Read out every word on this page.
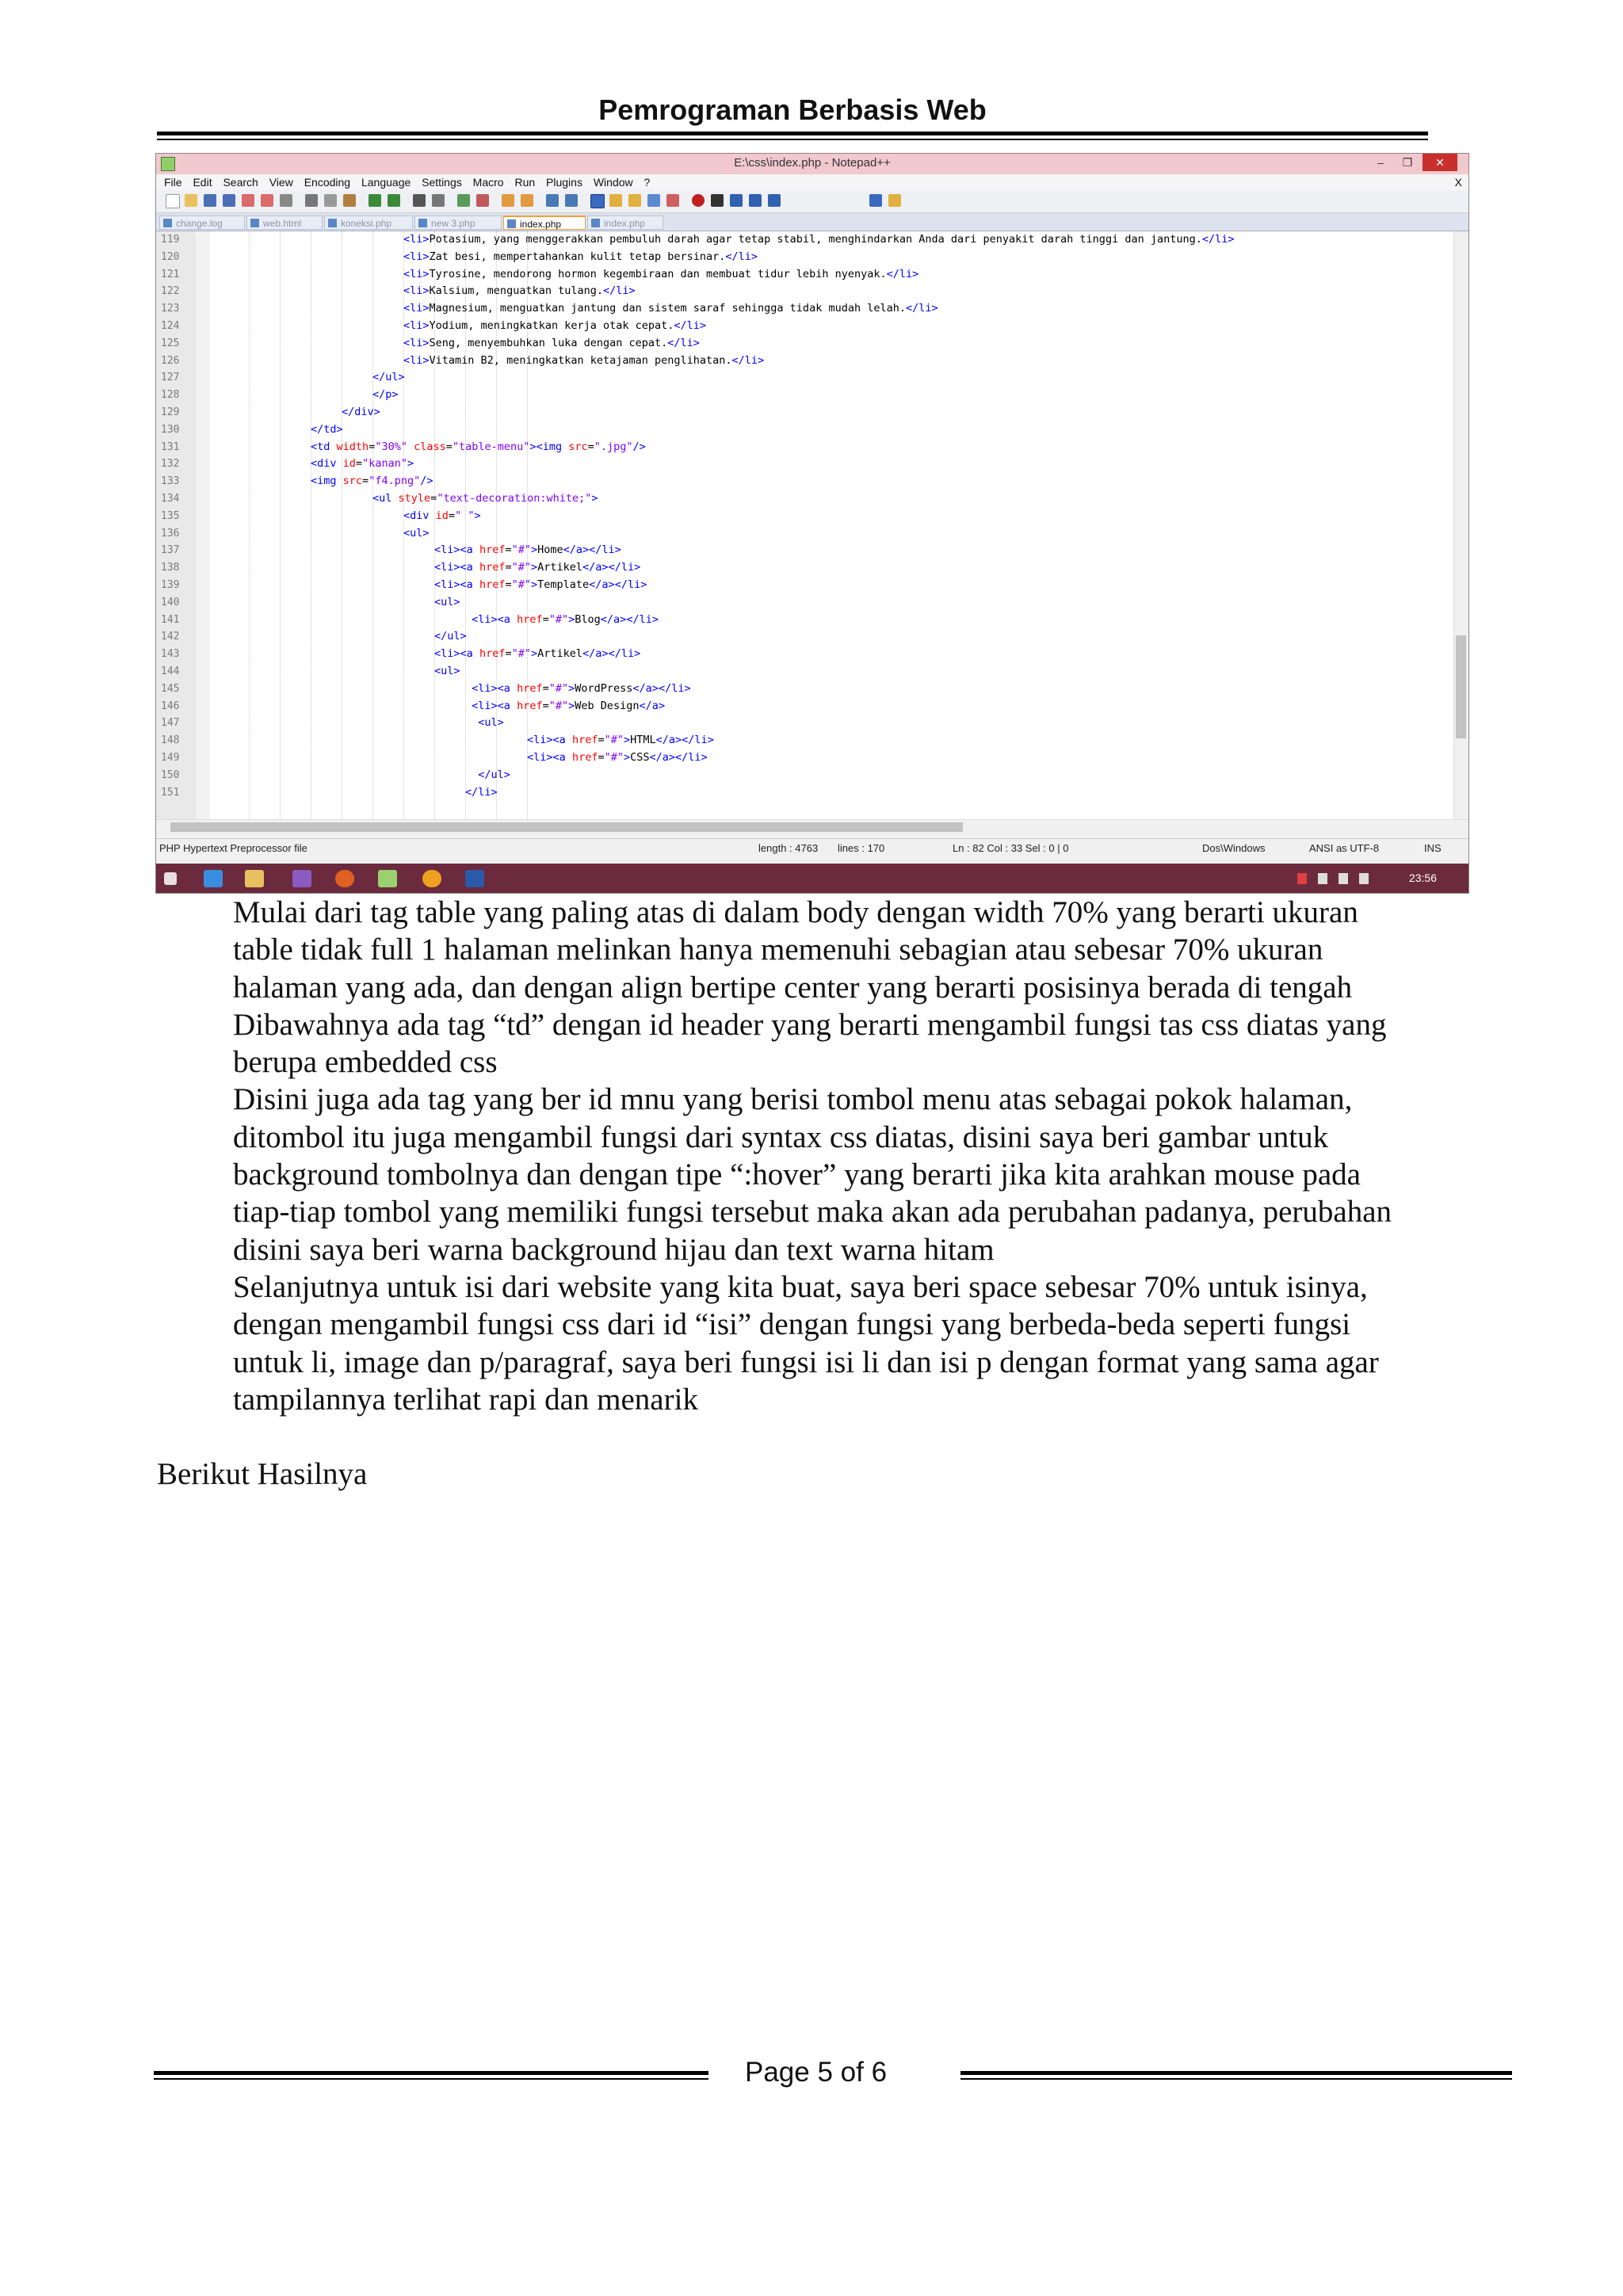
Pemrograman Berbasis Web
E:\css\index.php - Notepad++	–	❐	✕
File Edit Search View Encoding Language Settings Macro Run Plugins Window ?	X
change.log	web.html	koneksi.php	new 3.php	index.php	index.php
119	<li>Potasium, yang menggerakkan pembuluh darah agar tetap stabil, menghindarkan Anda dari penyakit darah tinggi dan jantung.</li>
120	<li>Zat besi, mempertahankan kulit tetap bersinar.</li>
121	<li>Tyrosine, mendorong hormon kegembiraan dan membuat tidur lebih nyenyak.</li>
122	<li>Kalsium, menguatkan tulang.</li>
123	<li>Magnesium, menguatkan jantung dan sistem saraf sehingga tidak mudah lelah.</li>
124	<li>Yodium, meningkatkan kerja otak cepat.</li>
125	<li>Seng, menyembuhkan luka dengan cepat.</li>
126	<li>Vitamin B2, meningkatkan ketajaman penglihatan.</li>
127	</ul>
128	</p>
129	</div>
130	</td>
131	<td width="30%" class="table-menu"><img src=".jpg"/>
132	<div id="kanan">
133	<img src="f4.png"/>
134	<ul style="text-decoration:white;">
135	<div id=" ">
136	<ul>
137	<li><a href="#">Home</a></li>
138	<li><a href="#">Artikel</a></li>
139	<li><a href="#">Template</a></li>
140	<ul>
141	<li><a href="#">Blog</a></li>
142	</ul>
143	<li><a href="#">Artikel</a></li>
144	<ul>
145	<li><a href="#">WordPress</a></li>
146	<li><a href="#">Web Design</a>
147	<ul>
148	<li><a href="#">HTML</a></li>
149	<li><a href="#">CSS</a></li>
150	</ul>
151	</li>
PHP Hypertext Preprocessor file	length : 4763 lines : 170	Ln : 82 Col : 33 Sel : 0 | 0	Dos\Windows	ANSI as UTF-8	INS
23:56
Mulai dari tag table yang paling atas di dalam body dengan width 70% yang berarti ukuran
table tidak full 1 halaman melinkan hanya memenuhi sebagian atau sebesar 70% ukuran
halaman yang ada, dan dengan align bertipe center yang berarti posisinya berada di tengah
Dibawahnya ada tag “td” dengan id header yang berarti mengambil fungsi tas css diatas yang
berupa embedded css
Disini juga ada tag yang ber id mnu yang berisi tombol menu atas sebagai pokok halaman,
ditombol itu juga mengambil fungsi dari syntax css diatas, disini saya beri gambar untuk
background tombolnya dan dengan tipe “:hover” yang berarti jika kita arahkan mouse pada
tiap-tiap tombol yang memiliki fungsi tersebut maka akan ada perubahan padanya, perubahan
disini saya beri warna background hijau dan text warna hitam
Selanjutnya untuk isi dari website yang kita buat, saya beri space sebesar 70% untuk isinya,
dengan mengambil fungsi css dari id “isi” dengan fungsi yang berbeda-beda seperti fungsi
untuk li, image dan p/paragraf, saya beri fungsi isi li dan isi p dengan format yang sama agar
tampilannya terlihat rapi dan menarik
Berikut Hasilnya
Page 5 of 6
